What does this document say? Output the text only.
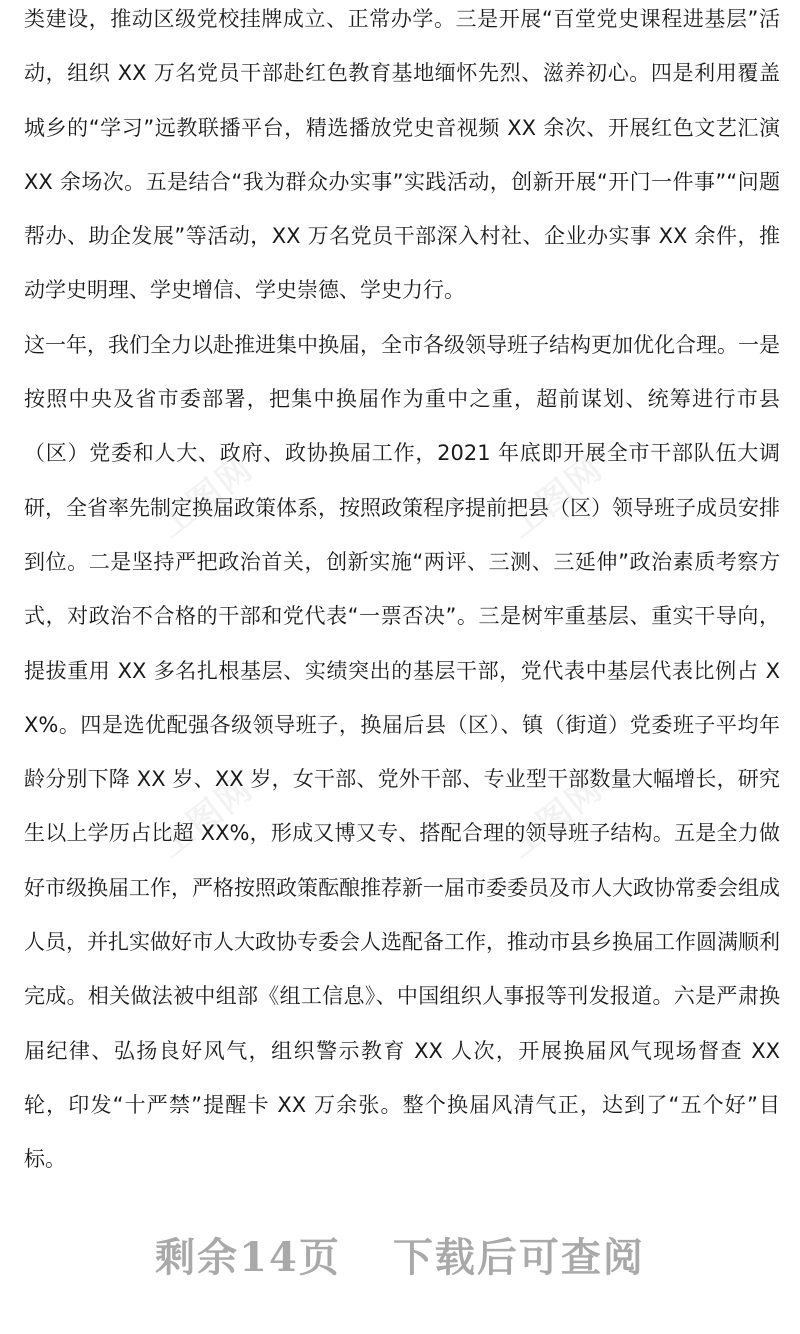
类建设，推动区级党校挂牌成立、正常办学。三是开展“百堂党史课程进基层”活动，组织 XX 万名党员干部赴红色教育基地缅怀先烈、滋养初心。四是利用覆盖城乡的“学习”远教联播平台，精选播放党史音视频 XX 余次、开展红色文艺汇演 XX 余场次。五是结合“我为群众办实事”实践活动，创新开展“开门一件事”“问题帮办、助企发展”等活动，XX 万名党员干部深入村社、企业办实事 XX 余件，推动学史明理、学史增信、学史崇德、学史力行。

这一年，我们全力以赴推进集中换届，全市各级领导班子结构更加优化合理。一是按照中央及省市委部署，把集中换届作为重中之重，超前谋划、统筹进行市县（区）党委和人大、政府、政协换届工作，2021 年底即开展全市干部队伍大调研，全省率先制定换届政策体系，按照政策程序提前把县（区）领导班子成员安排到位。二是坚持严把政治首关，创新实施“两评、三测、三延伸”政治素质考察方式，对政治不合格的干部和党代表“一票否决”。三是树牢重基层、重实干导向，提拔重用 XX 多名扎根基层、实绩突出的基层干部，党代表中基层代表比例占 XX%。四是选优配强各级领导班子，换届后县（区）、镇（街道）党委班子平均年龄分别下降 XX 岁、XX 岁，女干部、党外干部、专业型干部数量大幅增长，研究生以上学历占比超 XX%，形成又博又专、搭配合理的领导班子结构。五是全力做好市级换届工作，严格按照政策酝酿推荐新一届市委委员及市人大政协常委会组成人员，并扎实做好市人大政协专委会人选配备工作，推动市县乡换届工作圆满顺利完成。相关做法被中组部《组工信息》、中国组织人事报等刊发报道。六是严肃换届纪律、弘扬良好风气，组织警示教育 XX 人次，开展换届风气现场督查 XX 轮，印发“十严禁”提醒卡 XX 万余张。整个换届风清气正，达到了“五个好”目标。

工图网	工图网
工图网	工图网
剩余14页 下载后可查阅
